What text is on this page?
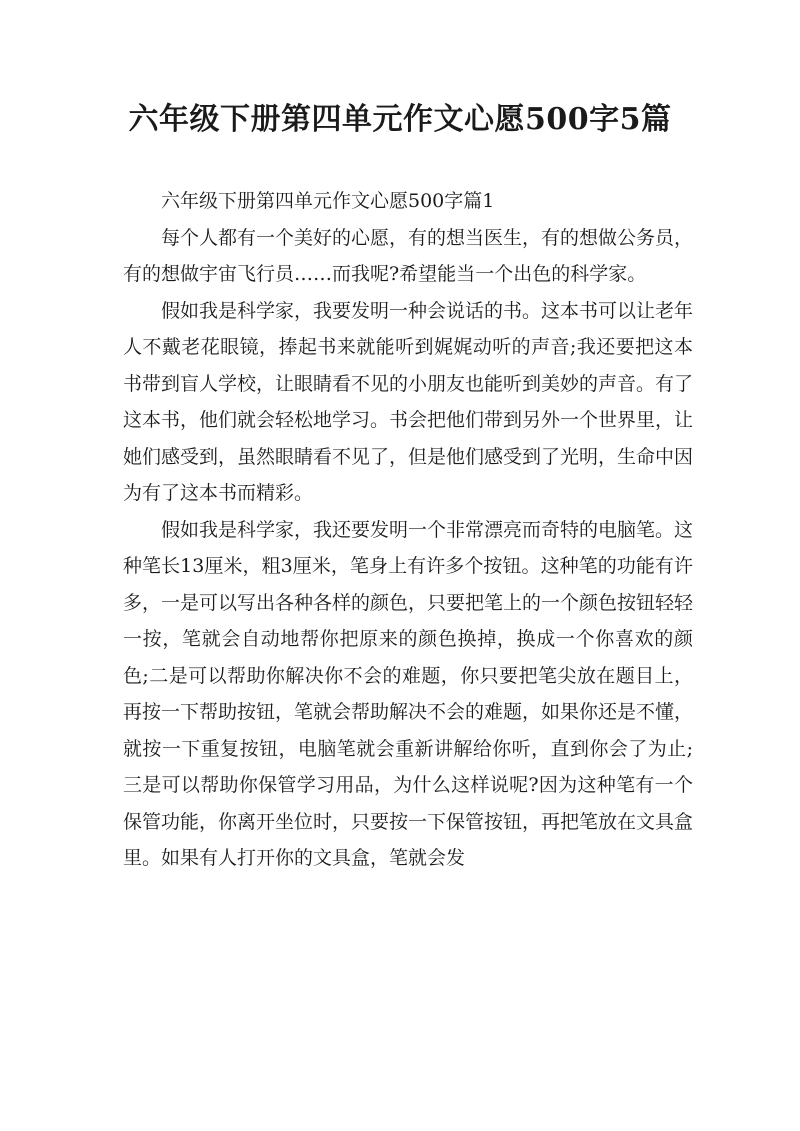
六年级下册第四单元作文心愿500字5篇

六年级下册第四单元作文心愿500字篇1

每个人都有一个美好的心愿，有的想当医生，有的想做公务员，有的想做宇宙飞行员……而我呢?希望能当一个出色的科学家。

假如我是科学家，我要发明一种会说话的书。这本书可以让老年人不戴老花眼镜，捧起书来就能听到娓娓动听的声音;我还要把这本书带到盲人学校，让眼睛看不见的小朋友也能听到美妙的声音。有了这本书，他们就会轻松地学习。书会把他们带到另外一个世界里，让她们感受到，虽然眼睛看不见了，但是他们感受到了光明，生命中因为有了这本书而精彩。

假如我是科学家，我还要发明一个非常漂亮而奇特的电脑笔。这种笔长13厘米，粗3厘米，笔身上有许多个按钮。这种笔的功能有许多，一是可以写出各种各样的颜色，只要把笔上的一个颜色按钮轻轻一按，笔就会自动地帮你把原来的颜色换掉，换成一个你喜欢的颜色;二是可以帮助你解决你不会的难题，你只要把笔尖放在题目上，再按一下帮助按钮，笔就会帮助解决不会的难题，如果你还是不懂，就按一下重复按钮，电脑笔就会重新讲解给你听，直到你会了为止;三是可以帮助你保管学习用品，为什么这样说呢?因为这种笔有一个保管功能，你离开坐位时，只要按一下保管按钮，再把笔放在文具盒里。如果有人打开你的文具盒，笔就会发
